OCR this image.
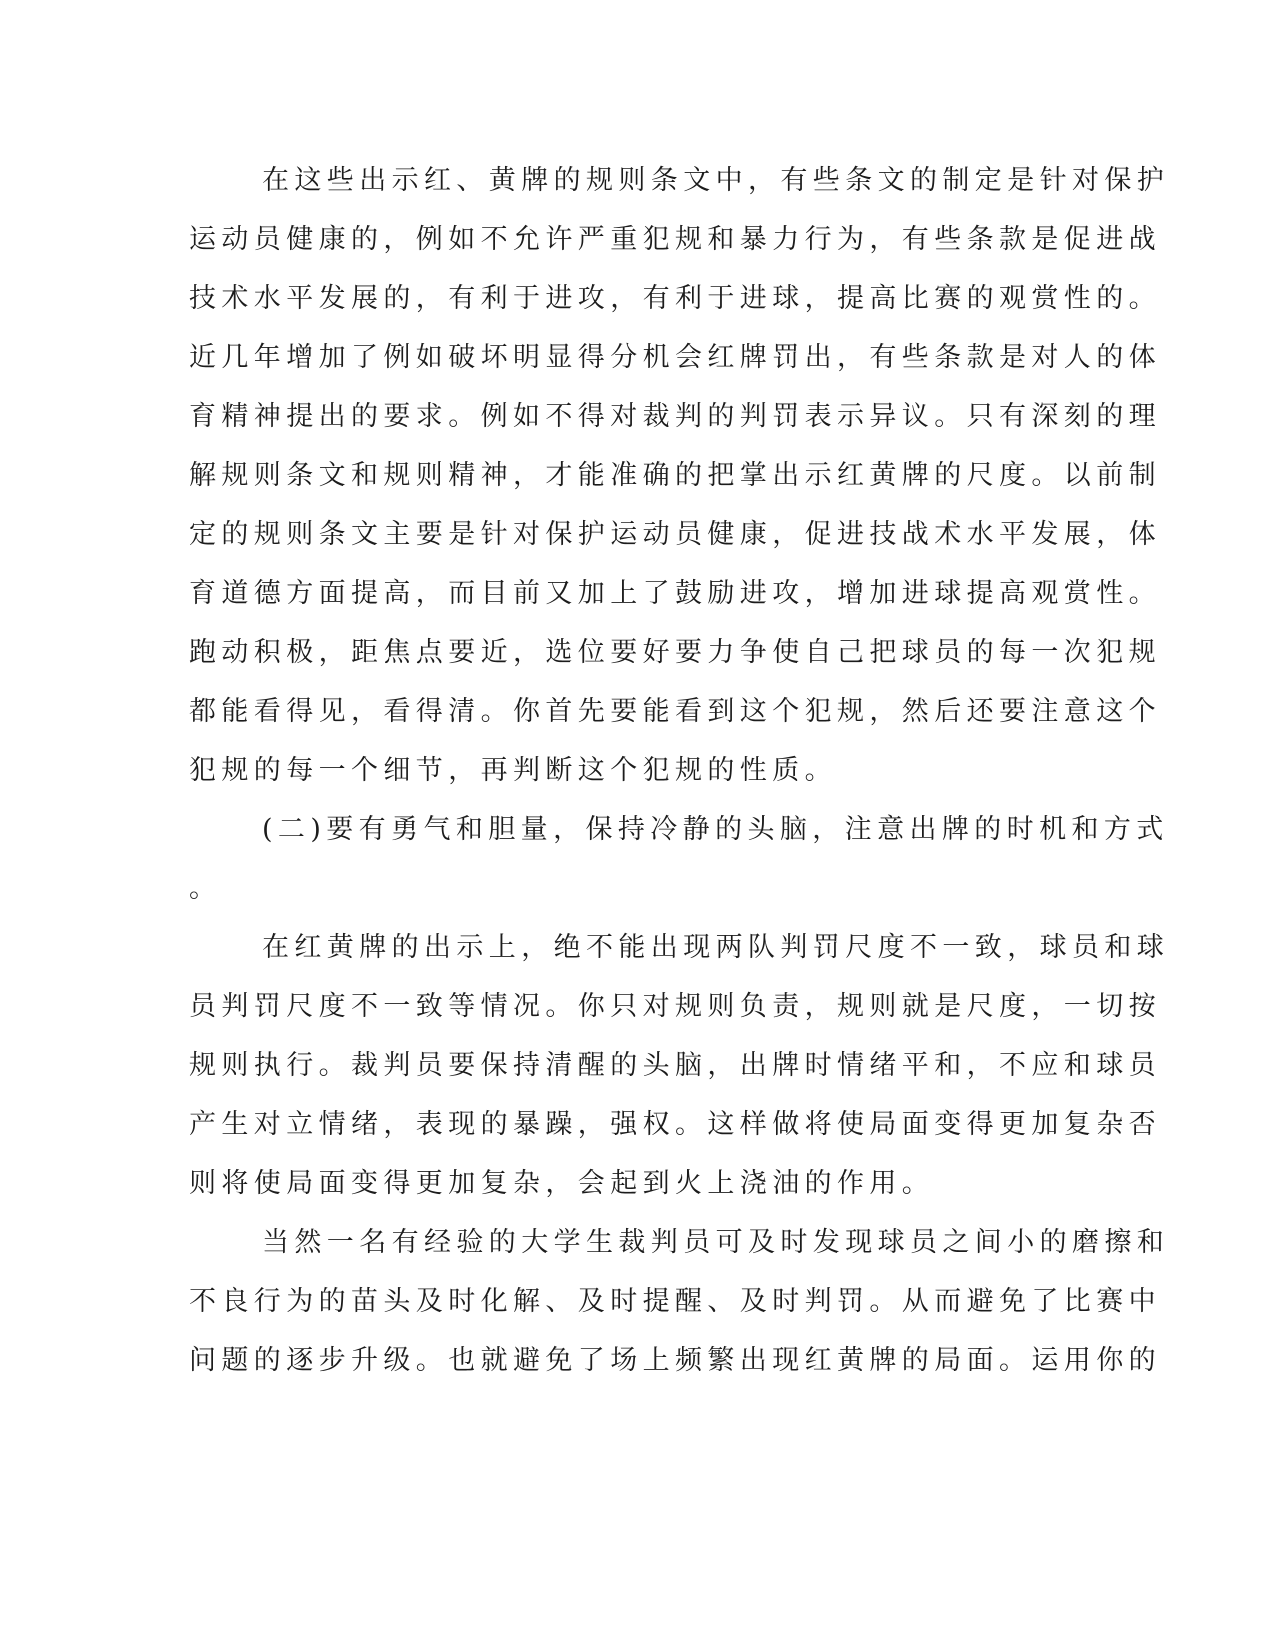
在这些出示红、黄牌的规则条文中，有些条文的制定是针对保护
运动员健康的，例如不允许严重犯规和暴力行为，有些条款是促进战
技术水平发展的，有利于进攻，有利于进球，提高比赛的观赏性的。
近几年增加了例如破坏明显得分机会红牌罚出，有些条款是对人的体
育精神提出的要求。例如不得对裁判的判罚表示异议。只有深刻的理
解规则条文和规则精神，才能准确的把掌出示红黄牌的尺度。以前制
定的规则条文主要是针对保护运动员健康，促进技战术水平发展，体
育道德方面提高，而目前又加上了鼓励进攻，增加进球提高观赏性。
跑动积极，距焦点要近，选位要好要力争使自己把球员的每一次犯规
都能看得见，看得清。你首先要能看到这个犯规，然后还要注意这个
犯规的每一个细节，再判断这个犯规的性质。
(二)要有勇气和胆量，保持冷静的头脑，注意出牌的时机和方式
。
在红黄牌的出示上，绝不能出现两队判罚尺度不一致，球员和球
员判罚尺度不一致等情况。你只对规则负责，规则就是尺度，一切按
规则执行。裁判员要保持清醒的头脑，出牌时情绪平和，不应和球员
产生对立情绪，表现的暴躁，强权。这样做将使局面变得更加复杂否
则将使局面变得更加复杂，会起到火上浇油的作用。
当然一名有经验的大学生裁判员可及时发现球员之间小的磨擦和
不良行为的苗头及时化解、及时提醒、及时判罚。从而避免了比赛中
问题的逐步升级。也就避免了场上频繁出现红黄牌的局面。运用你的
